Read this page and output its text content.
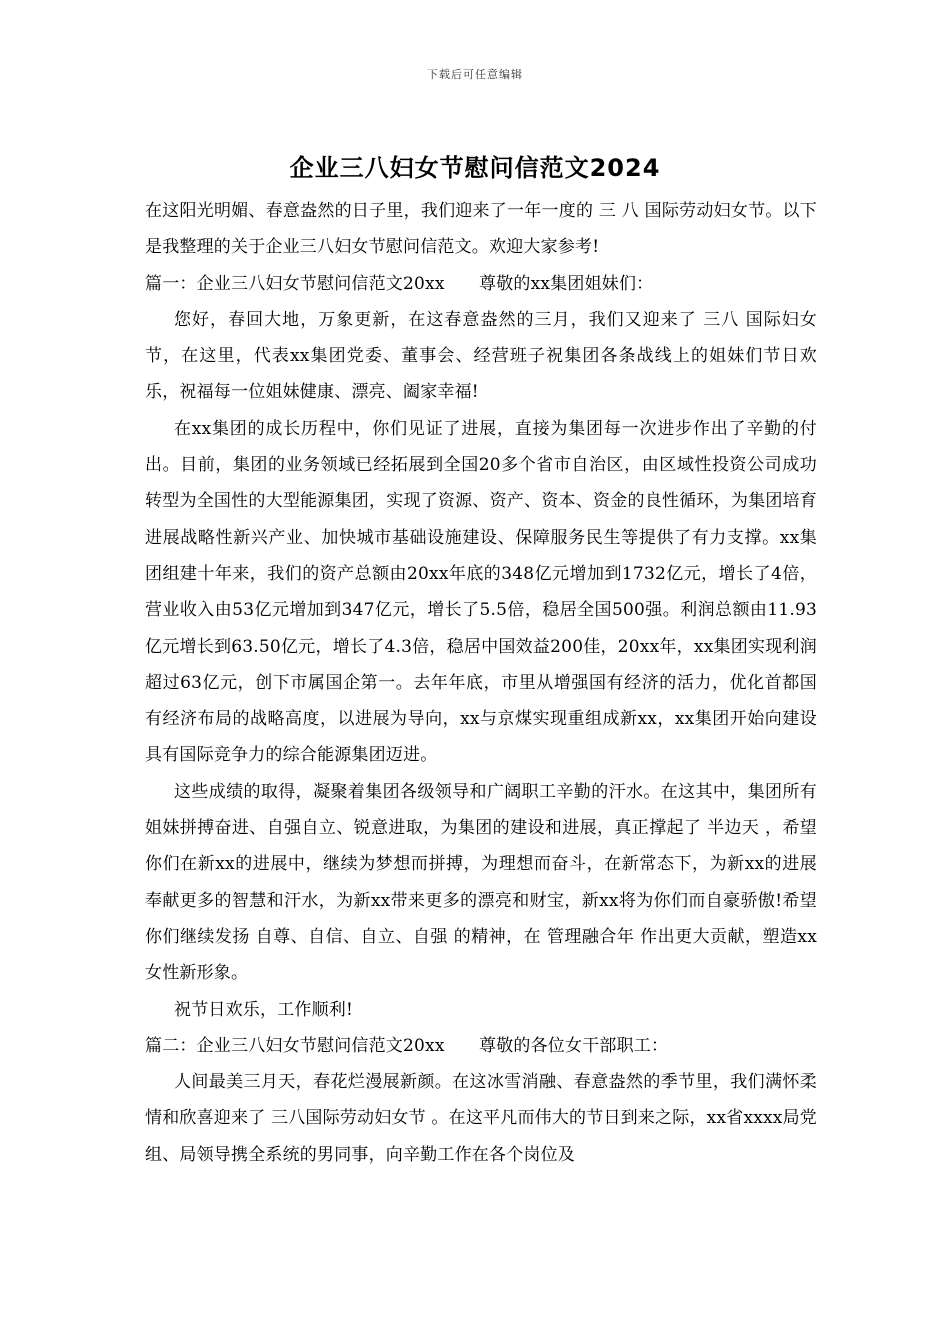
下载后可任意编辑
企业三八妇女节慰问信范文2024

在这阳光明媚、春意盎然的日子里，我们迎来了一年一度的 三 八 国际劳动妇女节。以下是我整理的关于企业三八妇女节慰问信范文。欢迎大家参考!

篇一：企业三八妇女节慰问信范文20xx　　尊敬的xx集团姐妹们：

您好，春回大地，万象更新，在这春意盎然的三月，我们又迎来了 三八 国际妇女节，在这里，代表xx集团党委、董事会、经营班子祝集团各条战线上的姐妹们节日欢乐，祝福每一位姐妹健康、漂亮、阖家幸福!

在xx集团的成长历程中，你们见证了进展，直接为集团每一次进步作出了辛勤的付出。目前，集团的业务领域已经拓展到全国20多个省市自治区，由区域性投资公司成功转型为全国性的大型能源集团，实现了资源、资产、资本、资金的良性循环，为集团培育进展战略性新兴产业、加快城市基础设施建设、保障服务民生等提供了有力支撑。xx集团组建十年来，我们的资产总额由20xx年底的348亿元增加到1732亿元，增长了4倍，营业收入由53亿元增加到347亿元，增长了5.5倍，稳居全国500强。利润总额由11.93亿元增长到63.50亿元，增长了4.3倍，稳居中国效益200佳，20xx年，xx集团实现利润超过63亿元，创下市属国企第一。去年年底，市里从增强国有经济的活力，优化首都国有经济布局的战略高度，以进展为导向，xx与京煤实现重组成新xx，xx集团开始向建设具有国际竞争力的综合能源集团迈进。

这些成绩的取得，凝聚着集团各级领导和广阔职工辛勤的汗水。在这其中，集团所有姐妹拼搏奋进、自强自立、锐意进取，为集团的建设和进展，真正撑起了 半边天 ，希望你们在新xx的进展中，继续为梦想而拼搏，为理想而奋斗，在新常态下，为新xx的进展奉献更多的智慧和汗水，为新xx带来更多的漂亮和财宝，新xx将为你们而自豪骄傲!希望你们继续发扬 自尊、自信、自立、自强 的精神，在 管理融合年 作出更大贡献，塑造xx女性新形象。

祝节日欢乐，工作顺利!

篇二：企业三八妇女节慰问信范文20xx　　尊敬的各位女干部职工：

人间最美三月天，春花烂漫展新颜。在这冰雪消融、春意盎然的季节里，我们满怀柔情和欣喜迎来了 三八国际劳动妇女节 。在这平凡而伟大的节日到来之际，xx省xxxx局党组、局领导携全系统的男同事，向辛勤工作在各个岗位及
